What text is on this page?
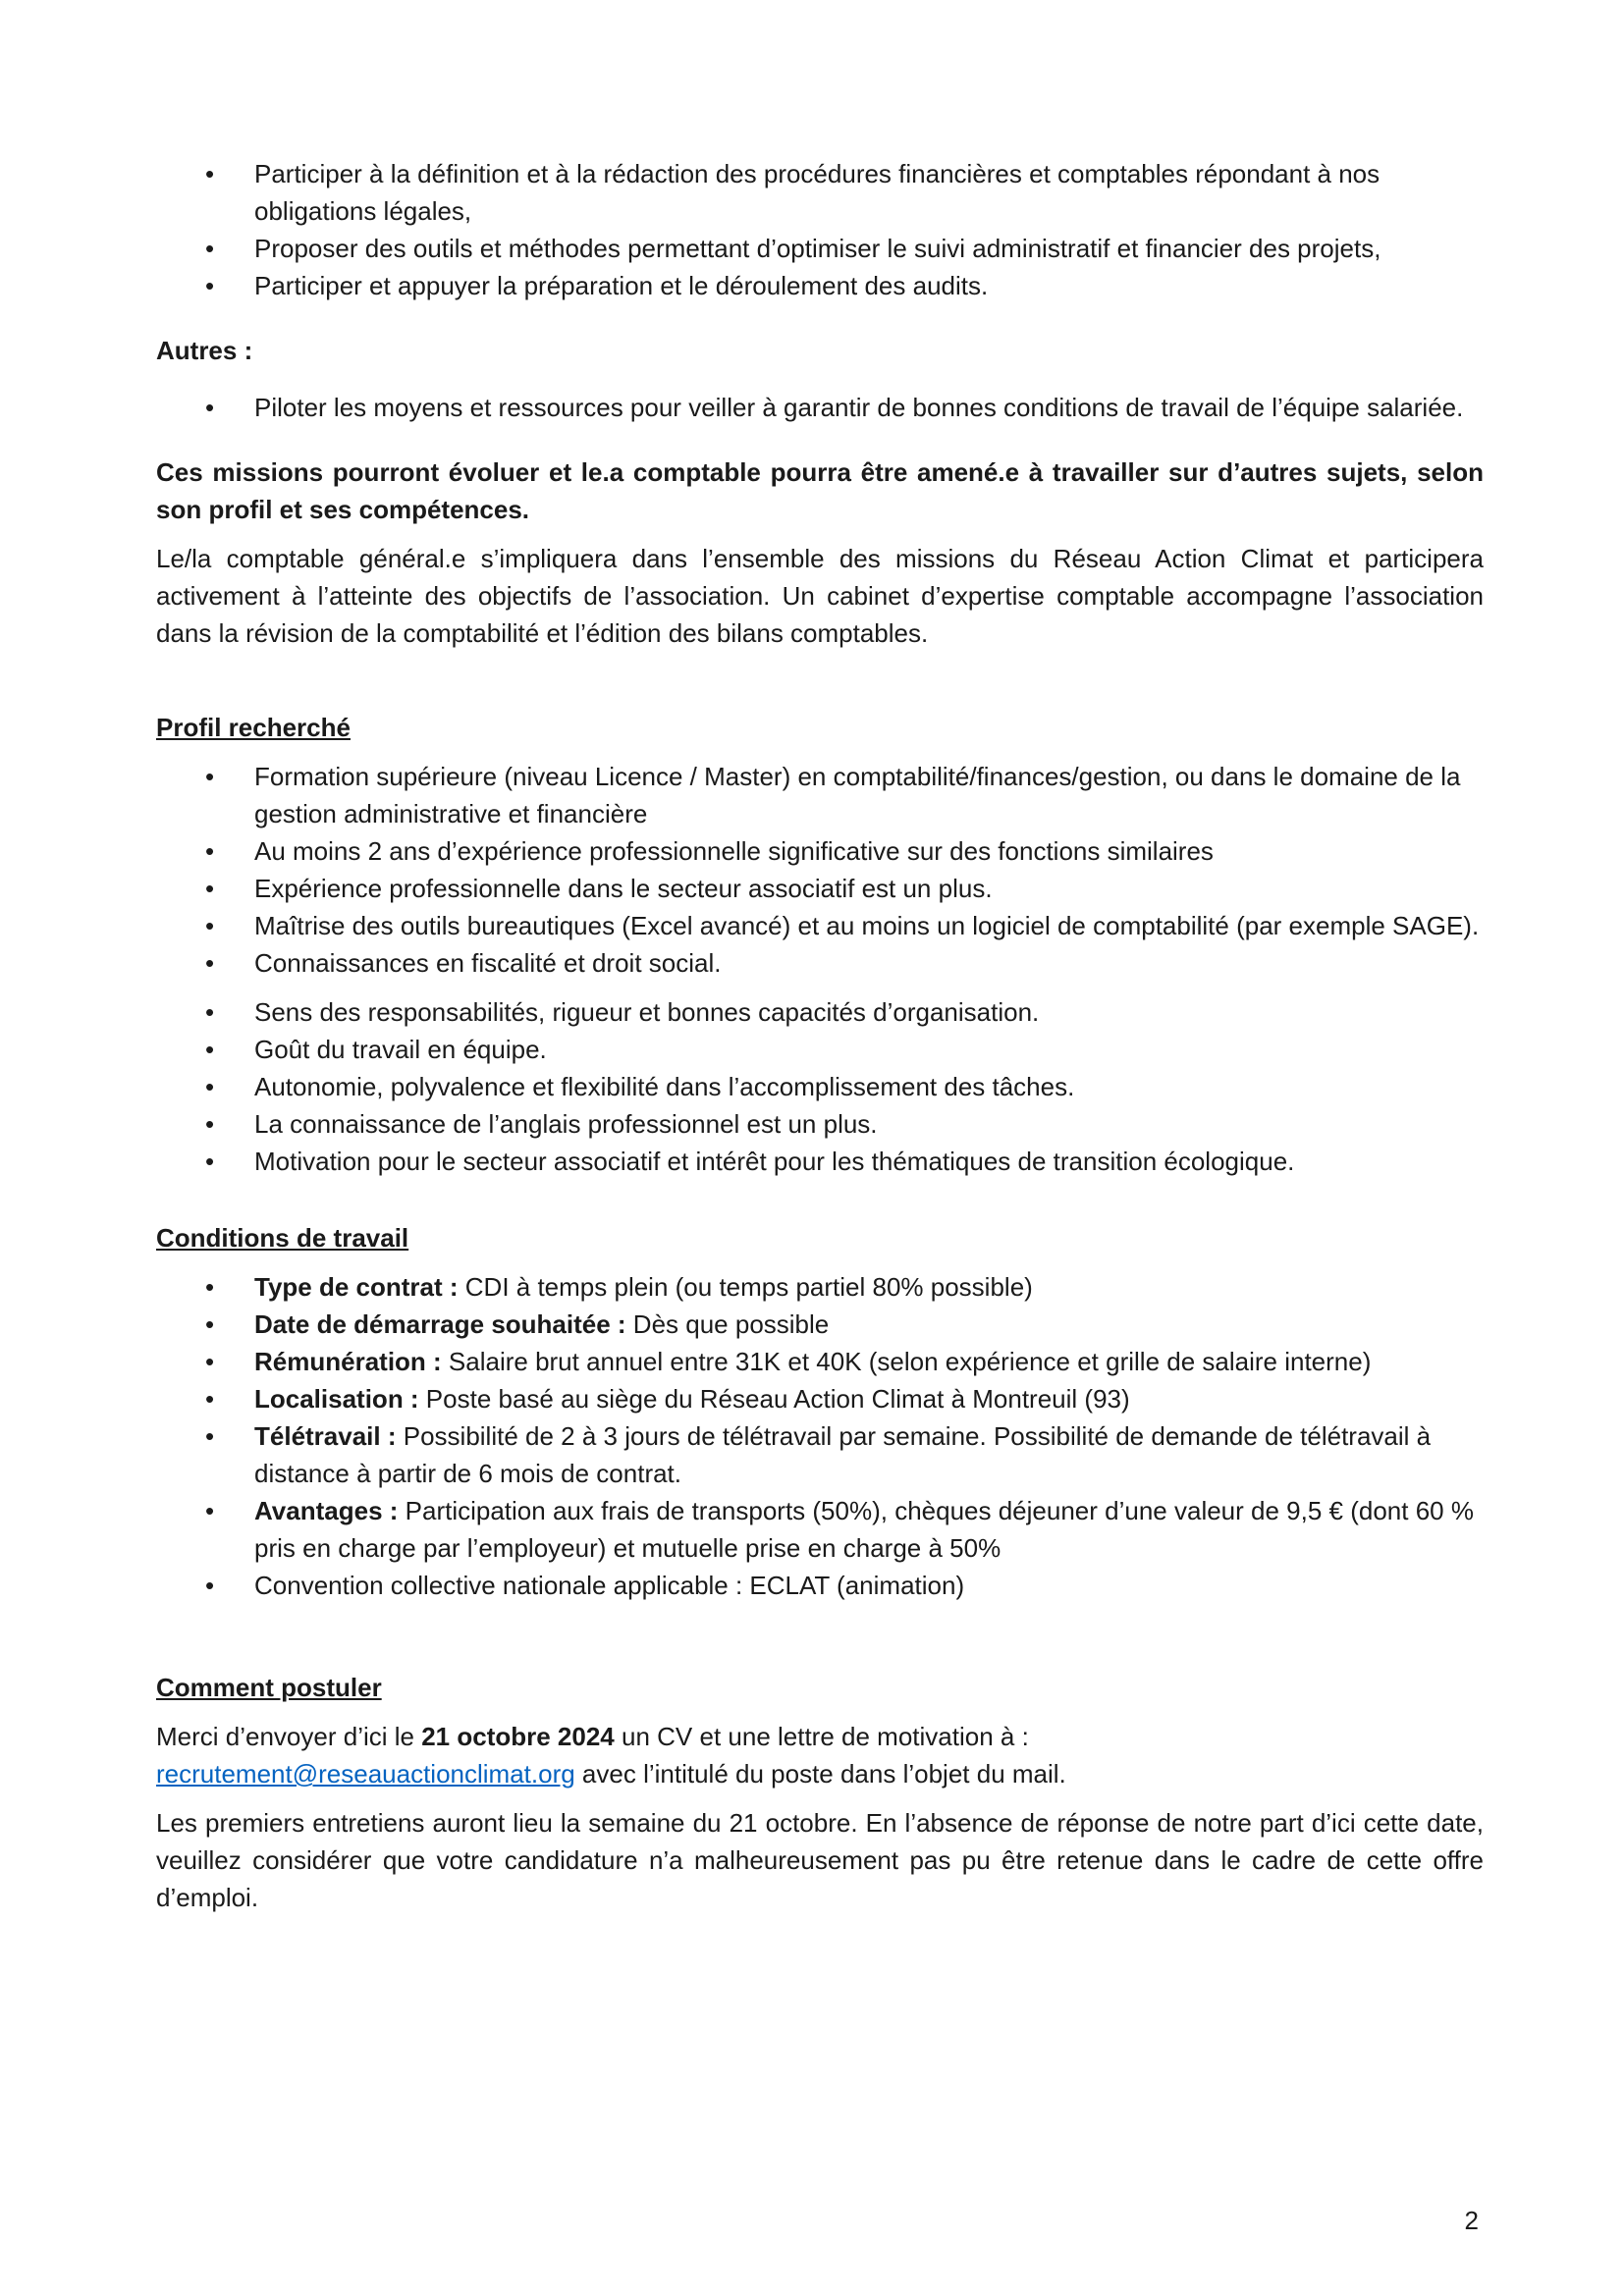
• Participer à la définition et à la rédaction des procédures financières et comptables répondant à nos obligations légales,
• Proposer des outils et méthodes permettant d’optimiser le suivi administratif et financier des projets,
• Participer et appuyer la préparation et le déroulement des audits.

Autres :

• Piloter les moyens et ressources pour veiller à garantir de bonnes conditions de travail de l’équipe salariée.

Ces missions pourront évoluer et le.a comptable pourra être amené.e à travailler sur d’autres sujets, selon son profil et ses compétences.

Le/la comptable général.e s’impliquera dans l’ensemble des missions du Réseau Action Climat et participera activement à l’atteinte des objectifs de l’association. Un cabinet d’expertise comptable accompagne l’association dans la révision de la comptabilité et l’édition des bilans comptables.

Profil recherché

• Formation supérieure (niveau Licence / Master) en comptabilité/finances/gestion, ou dans le domaine de la gestion administrative et financière
• Au moins 2 ans d’expérience professionnelle significative sur des fonctions similaires
• Expérience professionnelle dans le secteur associatif est un plus.
• Maîtrise des outils bureautiques (Excel avancé) et au moins un logiciel de comptabilité (par exemple SAGE).
• Connaissances en fiscalité et droit social.
• Sens des responsabilités, rigueur et bonnes capacités d’organisation.
• Goût du travail en équipe.
• Autonomie, polyvalence et flexibilité dans l’accomplissement des tâches.
• La connaissance de l’anglais professionnel est un plus.
• Motivation pour le secteur associatif et intérêt pour les thématiques de transition écologique.

Conditions de travail

• Type de contrat : CDI à temps plein (ou temps partiel 80% possible)
• Date de démarrage souhaitée : Dès que possible
• Rémunération : Salaire brut annuel entre 31K et 40K (selon expérience et grille de salaire interne)
• Localisation : Poste basé au siège du Réseau Action Climat à Montreuil (93)
• Télétravail : Possibilité de 2 à 3 jours de télétravail par semaine. Possibilité de demande de télétravail à distance à partir de 6 mois de contrat.
• Avantages : Participation aux frais de transports (50%), chèques déjeuner d’une valeur de 9,5 € (dont 60 % pris en charge par l’employeur) et mutuelle prise en charge à 50%
• Convention collective nationale applicable : ECLAT (animation)

Comment postuler

Merci d’envoyer d’ici le 21 octobre 2024 un CV et une lettre de motivation à :
recrutement@reseauactionclimat.org avec l’intitulé du poste dans l’objet du mail.

Les premiers entretiens auront lieu la semaine du 21 octobre. En l’absence de réponse de notre part d’ici cette date, veuillez considérer que votre candidature n’a malheureusement pas pu être retenue dans le cadre de cette offre d’emploi.

2
